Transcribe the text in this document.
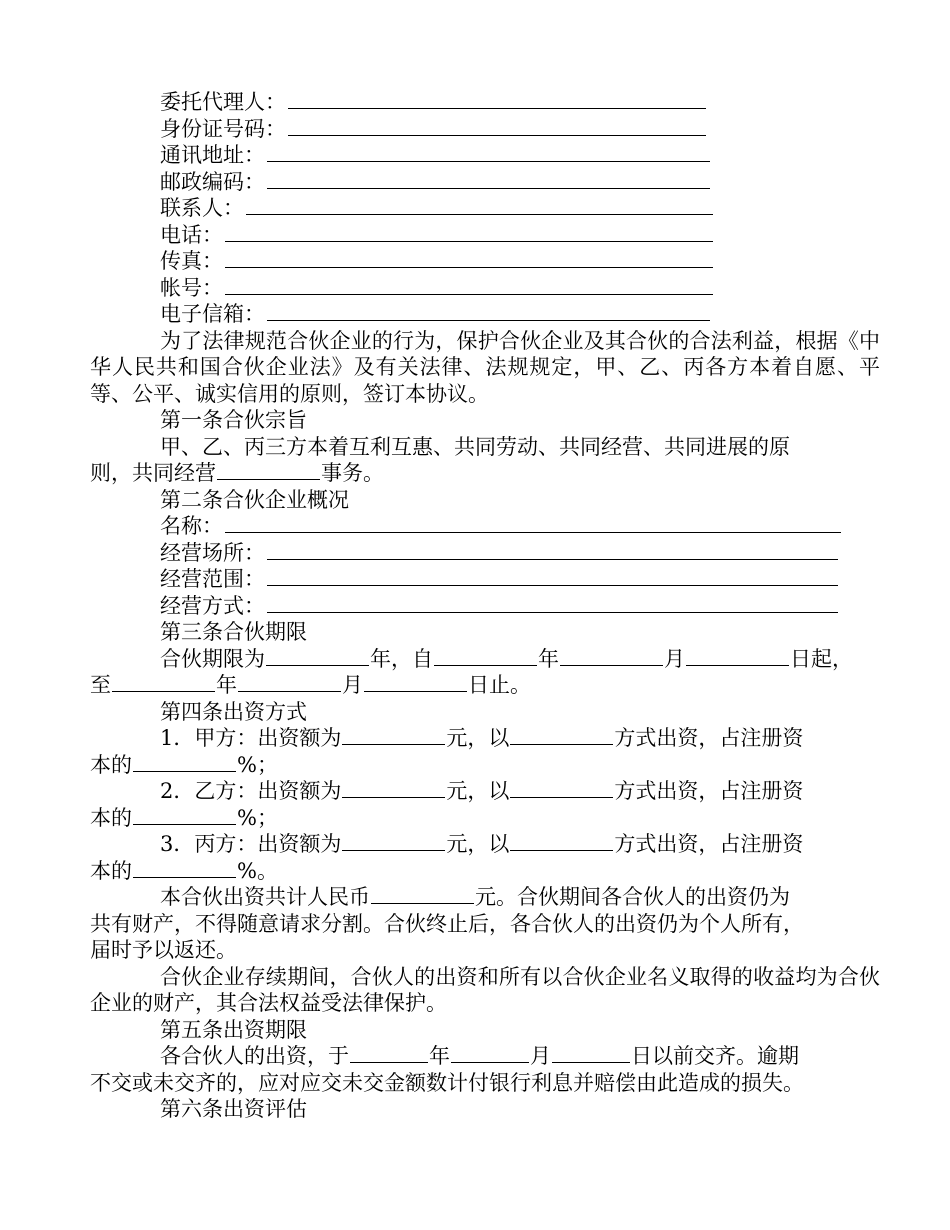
委托代理人：
身份证号码：
通讯地址：
邮政编码：
联系人：
电话：
传真：
帐号：
电子信箱：

为了法律规范合伙企业的行为，保护合伙企业及其合伙的合法利益，根据《中华人民共和国合伙企业法》及有关法律、法规规定，甲、乙、丙各方本着自愿、平等、公平、诚实信用的原则，签订本协议。

第一条合伙宗旨
甲、乙、丙三方本着互利互惠、共同劳动、共同经营、共同进展的原
则，共同经营	事务。
第二条合伙企业概况
名称：
经营场所：
经营范围：
经营方式：
第三条合伙期限
合伙期限为	年，自	年	月	日起，
至	年	月	日止。
第四条出资方式
1．甲方： 出资额为	元，以	方式出资，占注册资
本的	%；
2．乙方： 出资额为	元，以	方式出资，占注册资
本的	%；
3．丙方： 出资额为	元，以	方式出资，占注册资
本的	%。
本合伙出资共计人民币	元。合伙期间各合伙人的出资仍为
共有财产，不得随意请求分割。合伙终止后，各合伙人的出资仍为个人所有，
届时予以返还。

合伙企业存续期间，合伙人的出资和所有以合伙企业名义取得的收益均为合伙企业的财产，其合法权益受法律保护。

第五条出资期限
各合伙人的出资，于	年	月	日以前交齐。逾期
不交或未交齐的，应对应交未交金额数计付银行利息并赔偿由此造成的损失。
第六条出资评估
